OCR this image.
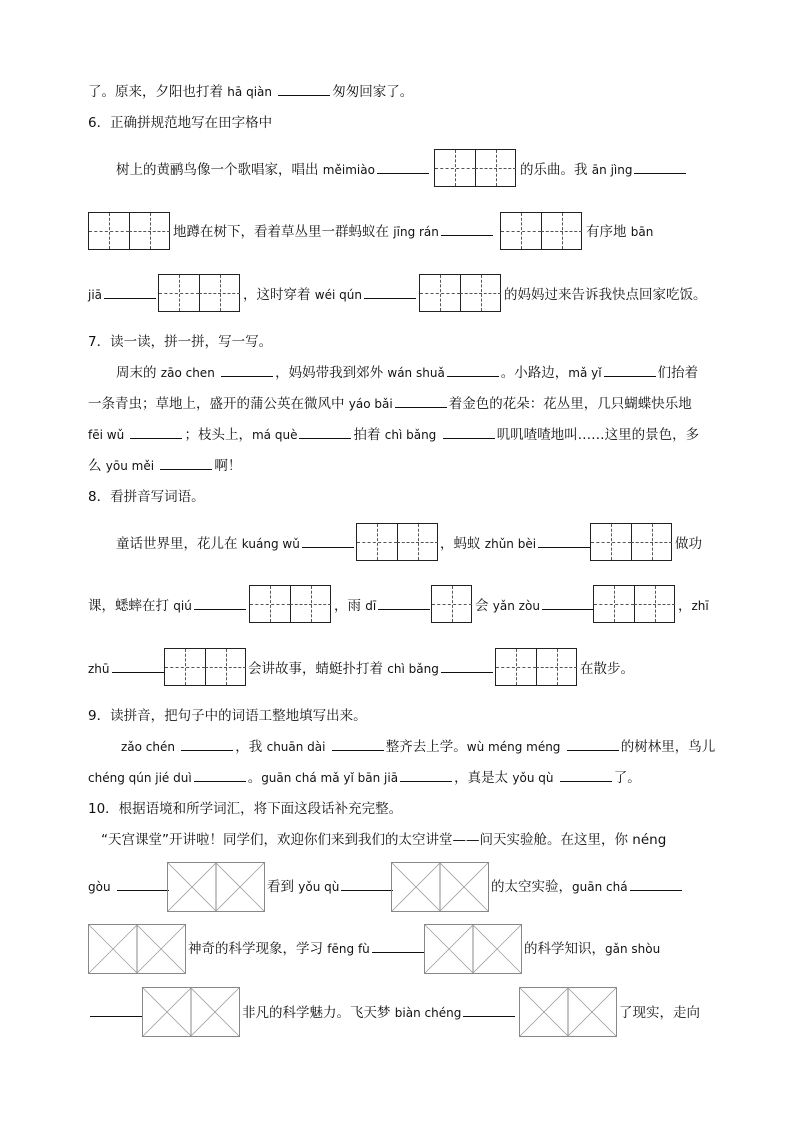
了。原来，夕阳也打着 hā qiàn	匆匆回家了。
6．正确拼规范地写在田字格中
树上的黄鹂鸟像一个歌唱家，唱出 měimiào	的乐曲。我 ān jìng
地蹲在树下，看着草丛里一群蚂蚁在 jīng rán	有序地 bān
jiā	，这时穿着 wéi qún	的妈妈过来告诉我快点回家吃饭。
7．读一读，拼一拼，写一写。
周末的 zāo chen	，妈妈带我到郊外 wán shuǎ	。小路边，mǎ yǐ	们抬着
一条青虫；草地上，盛开的蒲公英在微风中 yáo bǎi	着金色的花朵：花丛里，几只蝴蝶快乐地
fēi wǔ	；枝头上，má què	拍着 chì bǎng	叽叽喳喳地叫……这里的景色，多
么 yōu měi	啊！
8．看拼音写词语。
童话世界里，花儿在 kuáng wǔ	，蚂蚁 zhǔn bèi	做功
课，蟋蟀在打 qiú	，雨 dī	会 yǎn zòu	，zhī
zhū	会讲故事，蜻蜓扑打着 chì bǎng	在散步。
9．读拼音，把句子中的词语工整地填写出来。
zǎo chén	，我 chuān dài	整齐去上学。wù méng méng	的树林里，鸟儿
chéng qún jié duì	。guān chá mǎ yǐ bān jiā	，真是太 yǒu qù	了。
10．根据语境和所学词汇，将下面这段话补充完整。
“天宫课堂”开讲啦！同学们，欢迎你们来到我们的太空讲堂——问天实验舱。在这里，你 néng
gòu	看到 yǒu qù	的太空实验，guān chá
神奇的科学现象，学习 fēng fù	的科学知识，gǎn shòu
非凡的科学魅力。飞天梦 biàn chéng	了现实，走向
